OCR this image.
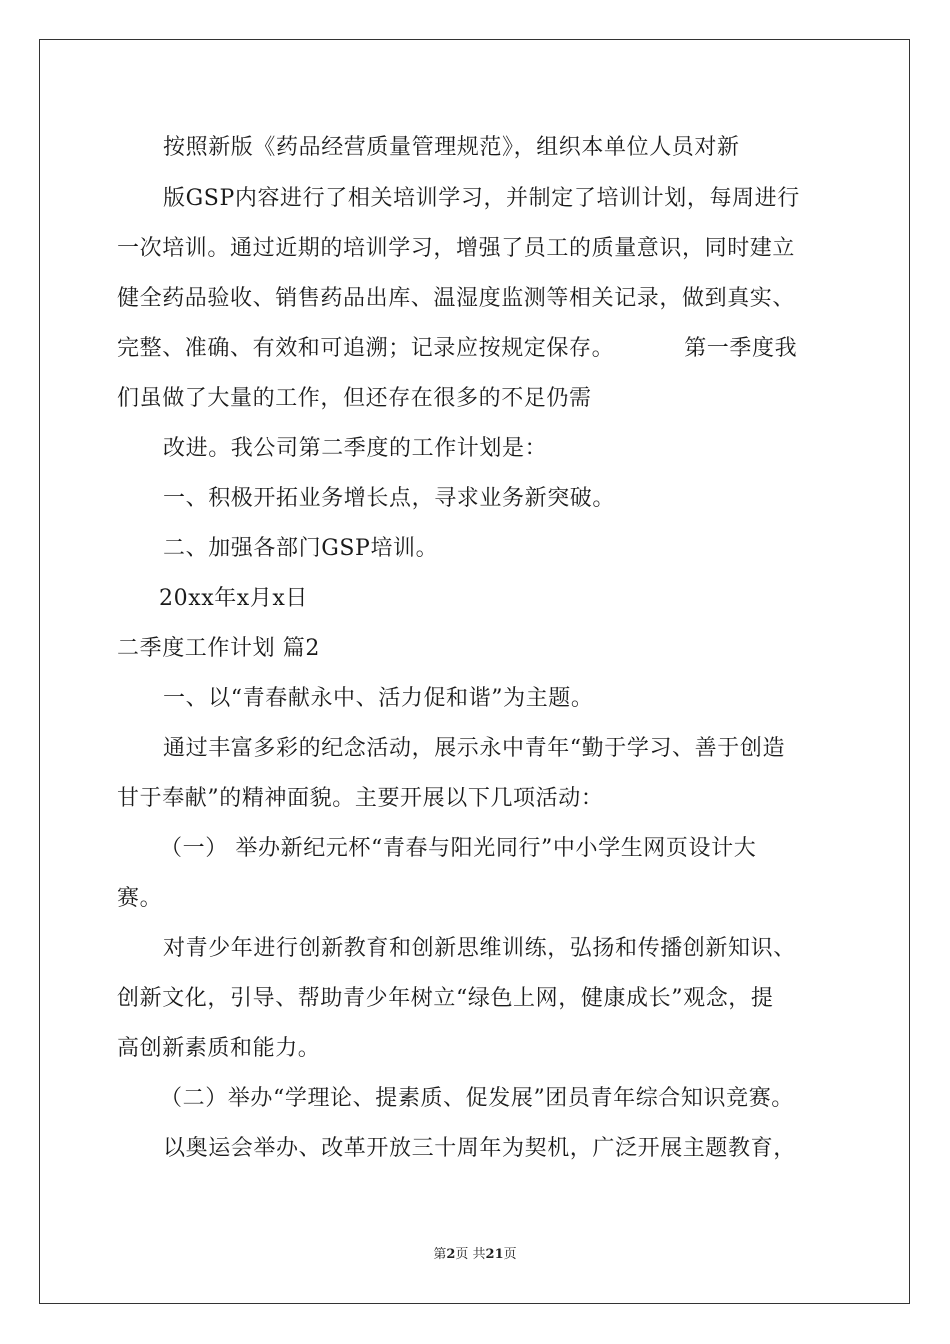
按照新版《药品经营质量管理规范》，组织本单位人员对新
版GSP内容进行了相关培训学习，并制定了培训计划，每周进行
一次培训。通过近期的培训学习，增强了员工的质量意识，同时建立
健全药品验收、销售药品出库、温湿度监测等相关记录，做到真实、
完整、准确、有效和可追溯；记录应按规定保存。	第一季度我
们虽做了大量的工作，但还存在很多的不足仍需
改进。我公司第二季度的工作计划是：
一、积极开拓业务增长点，寻求业务新突破。
二、加强各部门GSP培训。
20xx年x月x日
二季度工作计划 篇2
一、以“青春献永中、活力促和谐”为主题。
通过丰富多彩的纪念活动，展示永中青年“勤于学习、善于创造
甘于奉献”的精神面貌。主要开展以下几项活动：
（一） 举办新纪元杯“青春与阳光同行”中小学生网页设计大
赛。
对青少年进行创新教育和创新思维训练，弘扬和传播创新知识、
创新文化，引导、帮助青少年树立“绿色上网，健康成长”观念，提
高创新素质和能力。
（二）举办“学理论、提素质、促发展”团员青年综合知识竞赛。
以奥运会举办、改革开放三十周年为契机，广泛开展主题教育，
第2页 共21页
